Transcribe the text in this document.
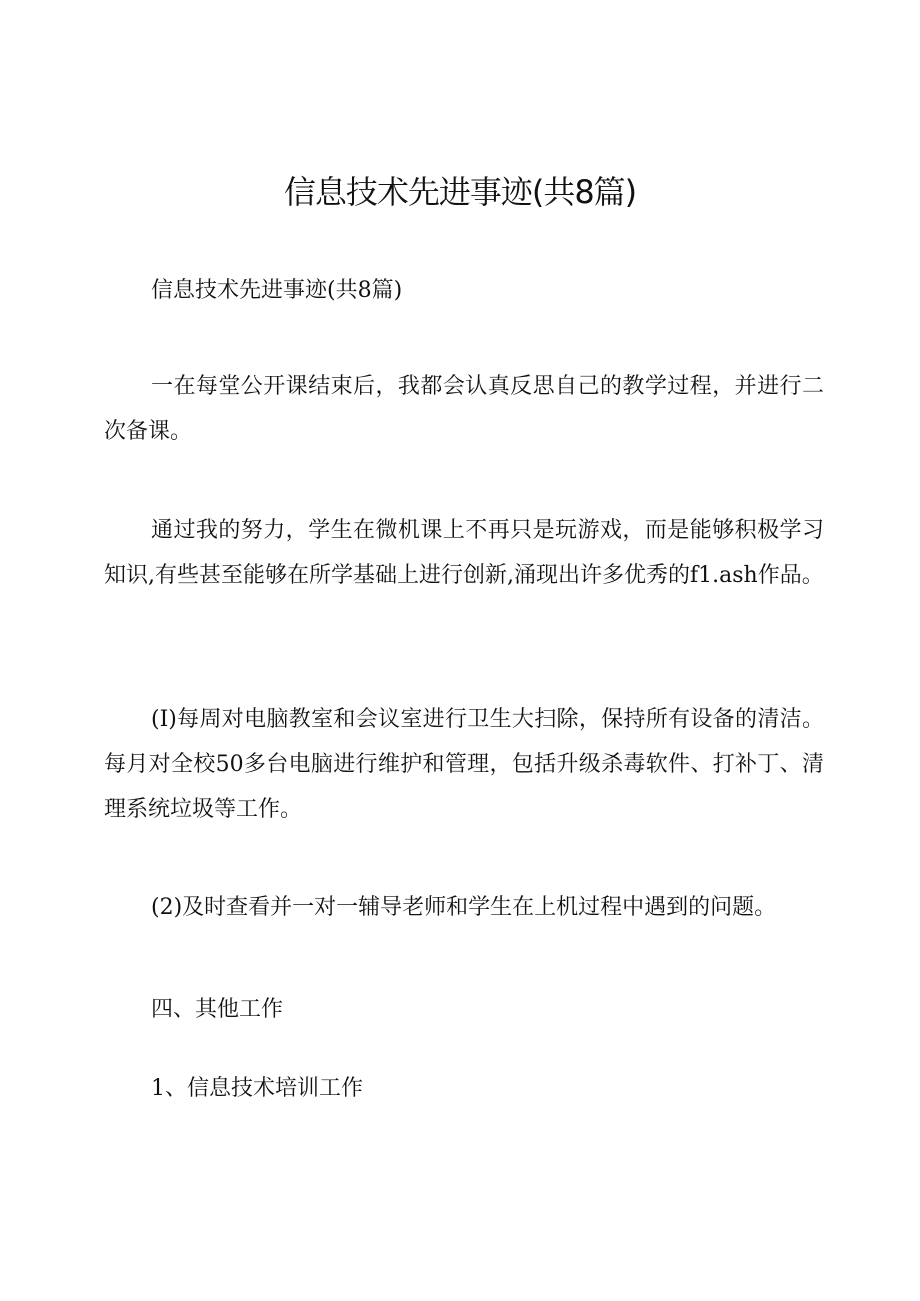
信息技术先进事迹(共8篇)

信息技术先进事迹(共8篇)

一在每堂公开课结束后，我都会认真反思自己的教学过程，并进行二次备课。

通过我的努力，学生在微机课上不再只是玩游戏，而是能够积极学习知识,有些甚至能够在所学基础上进行创新,涌现出许多优秀的f1.ash作品。

(I)每周对电脑教室和会议室进行卫生大扫除，保持所有设备的清洁。每月对全校50多台电脑进行维护和管理，包括升级杀毒软件、打补丁、清理系统垃圾等工作。

(2)及时查看并一对一辅导老师和学生在上机过程中遇到的问题。

四、其他工作

1、信息技术培训工作
